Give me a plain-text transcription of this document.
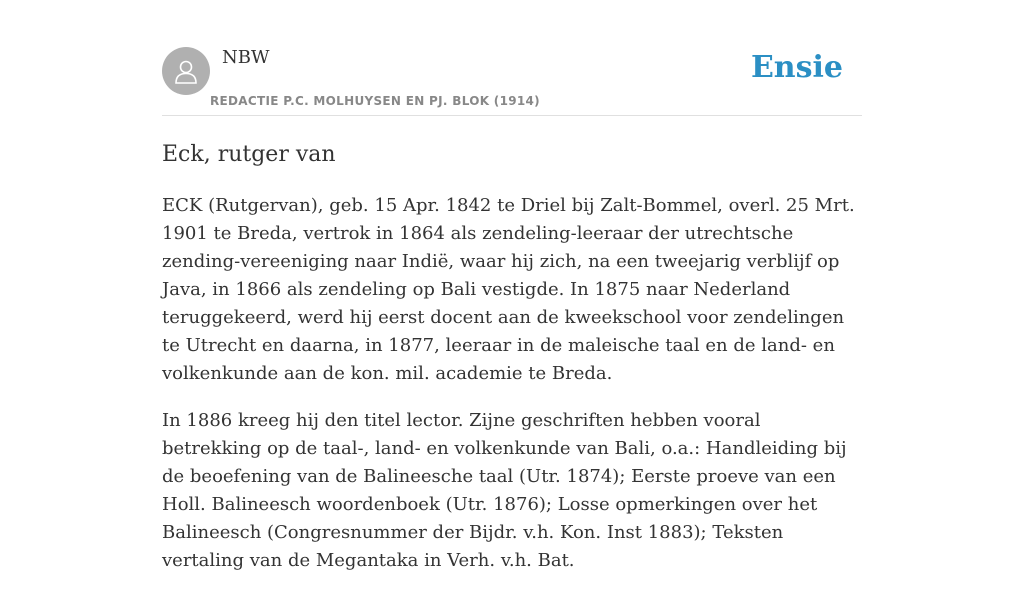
NBW
REDACTIE P.C. MOLHUYSEN EN PJ. BLOK (1914)
Ensie
Eck, rutger van

ECK (Rutgervan), geb. 15 Apr. 1842 te Driel bij Zalt-Bommel, overl. 25 Mrt. 1901 te Breda, vertrok in 1864 als zendeling-leeraar der utrechtsche zending-vereeniging naar Indië, waar hij zich, na een tweejarig verblijf op Java, in 1866 als zendeling op Bali vestigde. In 1875 naar Nederland teruggekeerd, werd hij eerst docent aan de kweekschool voor zendelingen te Utrecht en daarna, in 1877, leeraar in de maleische taal en de land- en volkenkunde aan de kon. mil. academie te Breda.

In 1886 kreeg hij den titel lector. Zijne geschriften hebben vooral betrekking op de taal-, land- en volkenkunde van Bali, o.a.: Handleiding bij de beoefening van de Balineesche taal (Utr. 1874); Eerste proeve van een Holl. Balineesch woordenboek (Utr. 1876); Losse opmerkingen over het Balineesch (Congresnummer der Bijdr. v.h. Kon. Inst 1883); Teksten vertaling van de Megantaka in Verh. v.h. Bat.
